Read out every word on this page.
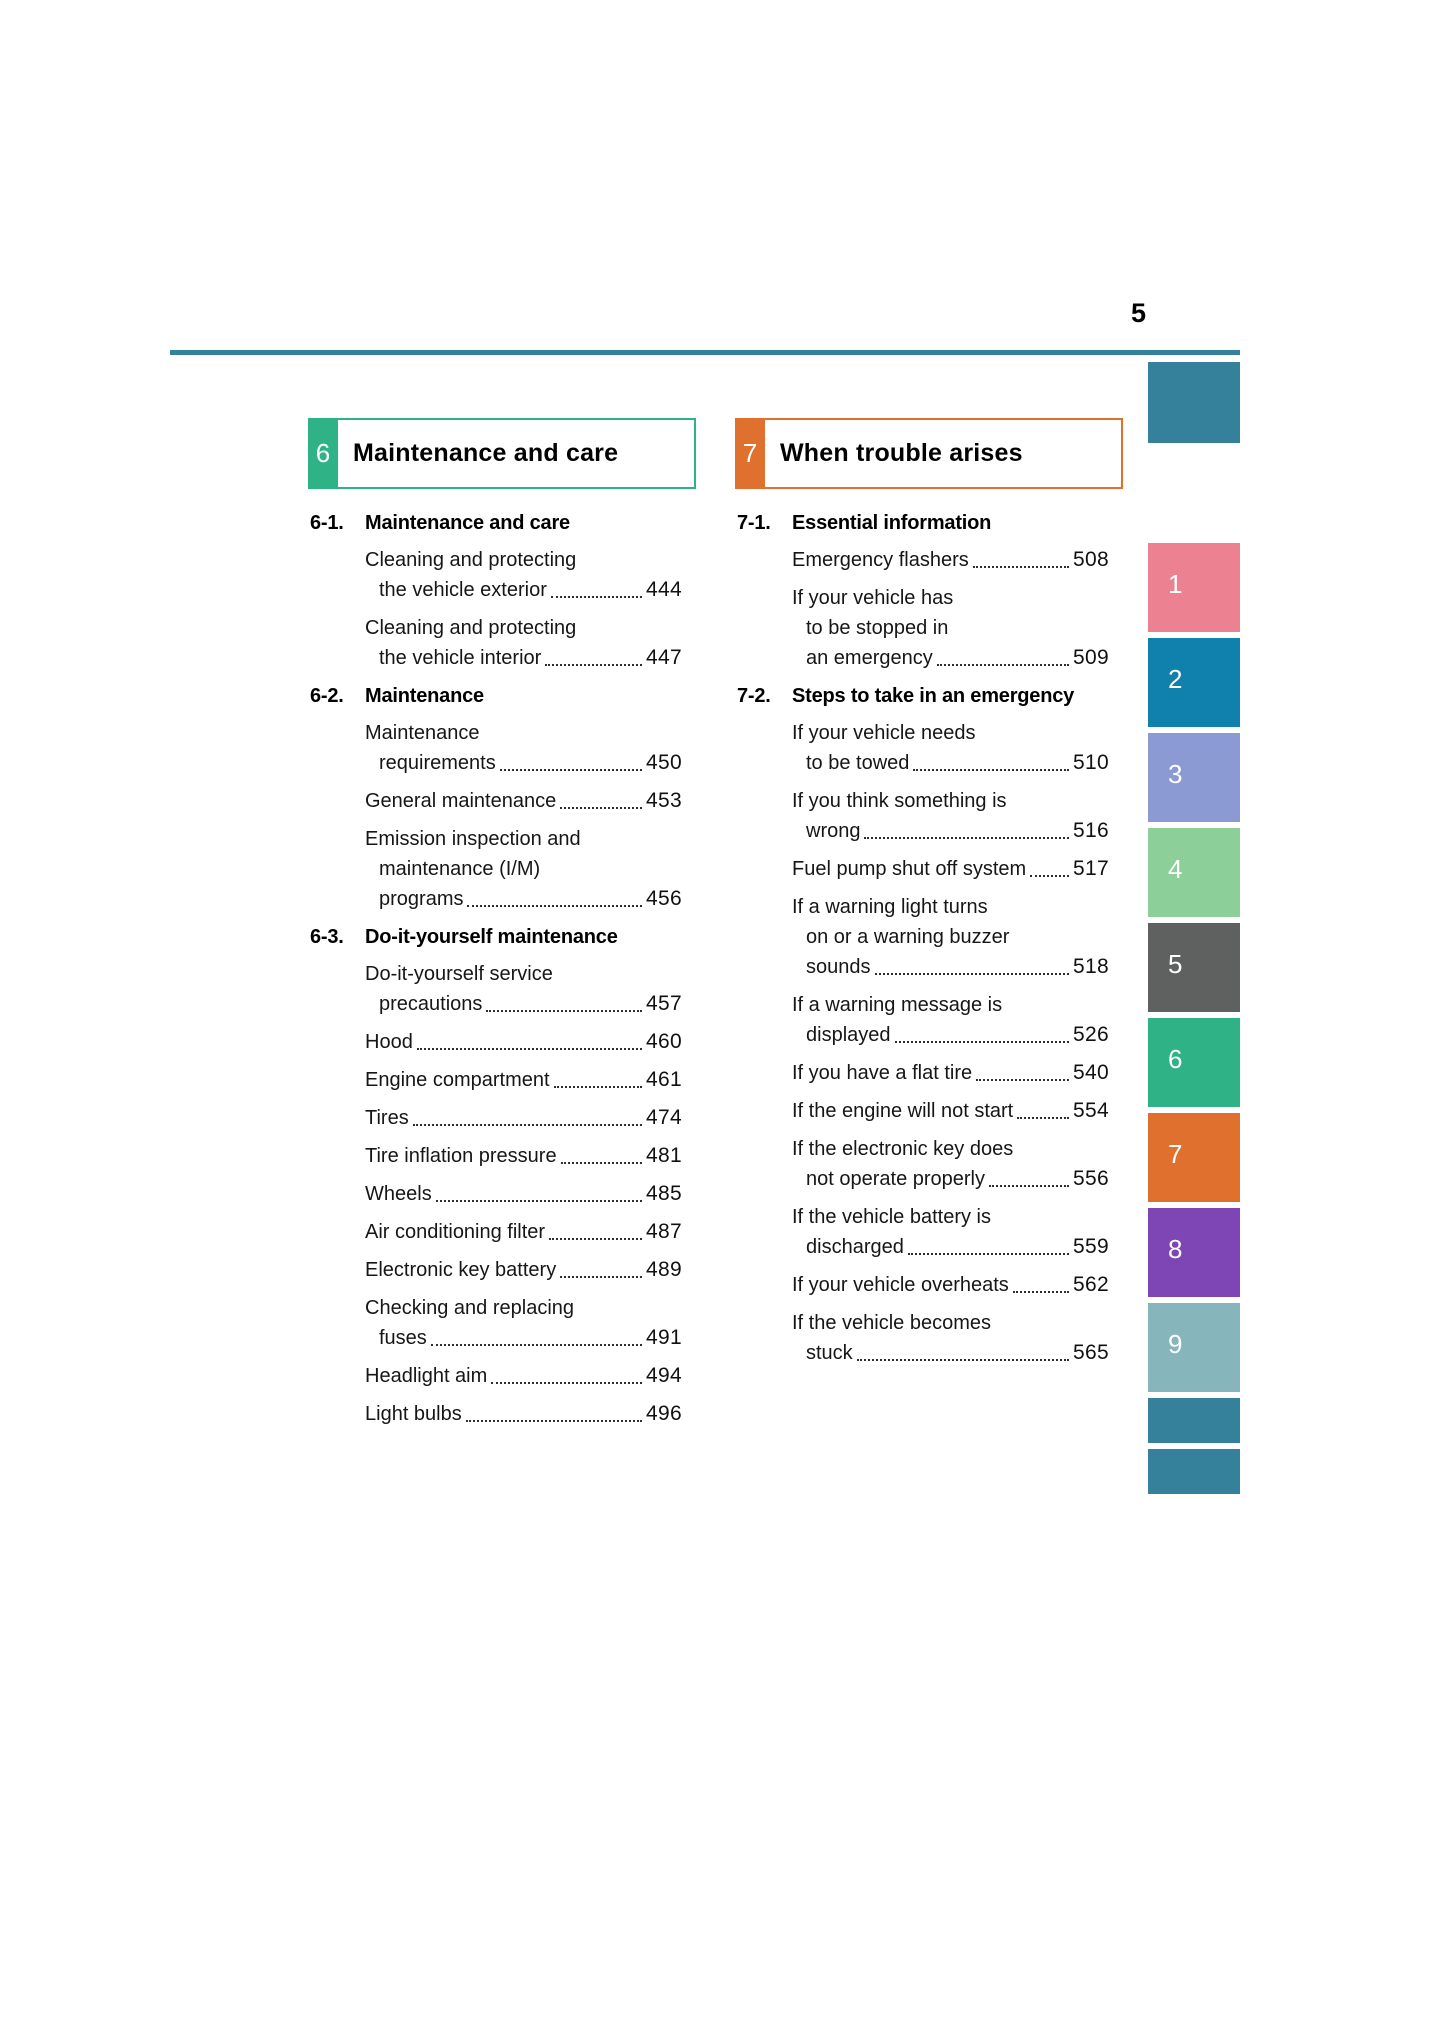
5
1
2
3
4
5
6
7
8
9
6 Maintenance and care
6-1.	Maintenance and care
Cleaning and protecting
the vehicle exterior	444
Cleaning and protecting
the vehicle interior	447
6-2.	Maintenance
Maintenance
requirements	450
General maintenance	453
Emission inspection and
maintenance (I/M)
programs	456
6-3.	Do-it-yourself maintenance
Do-it-yourself service
precautions	457
Hood	460
Engine compartment	461
Tires	474
Tire inflation pressure	481
Wheels	485
Air conditioning filter	487
Electronic key battery	489
Checking and replacing
fuses	491
Headlight aim	494
Light bulbs	496
7 When trouble arises
7-1.	Essential information
Emergency flashers	508
If your vehicle has
to be stopped in
an emergency	509
7-2.	Steps to take in an emergency
If your vehicle needs
to be towed	510
If you think something is
wrong	516
Fuel pump shut off system 517
If a warning light turns
on or a warning buzzer
sounds	518
If a warning message is
displayed	526
If you have a flat tire	540
If the engine will not start	554
If the electronic key does
not operate properly	556
If the vehicle battery is
discharged	559
If your vehicle overheats	562
If the vehicle becomes
stuck	565
